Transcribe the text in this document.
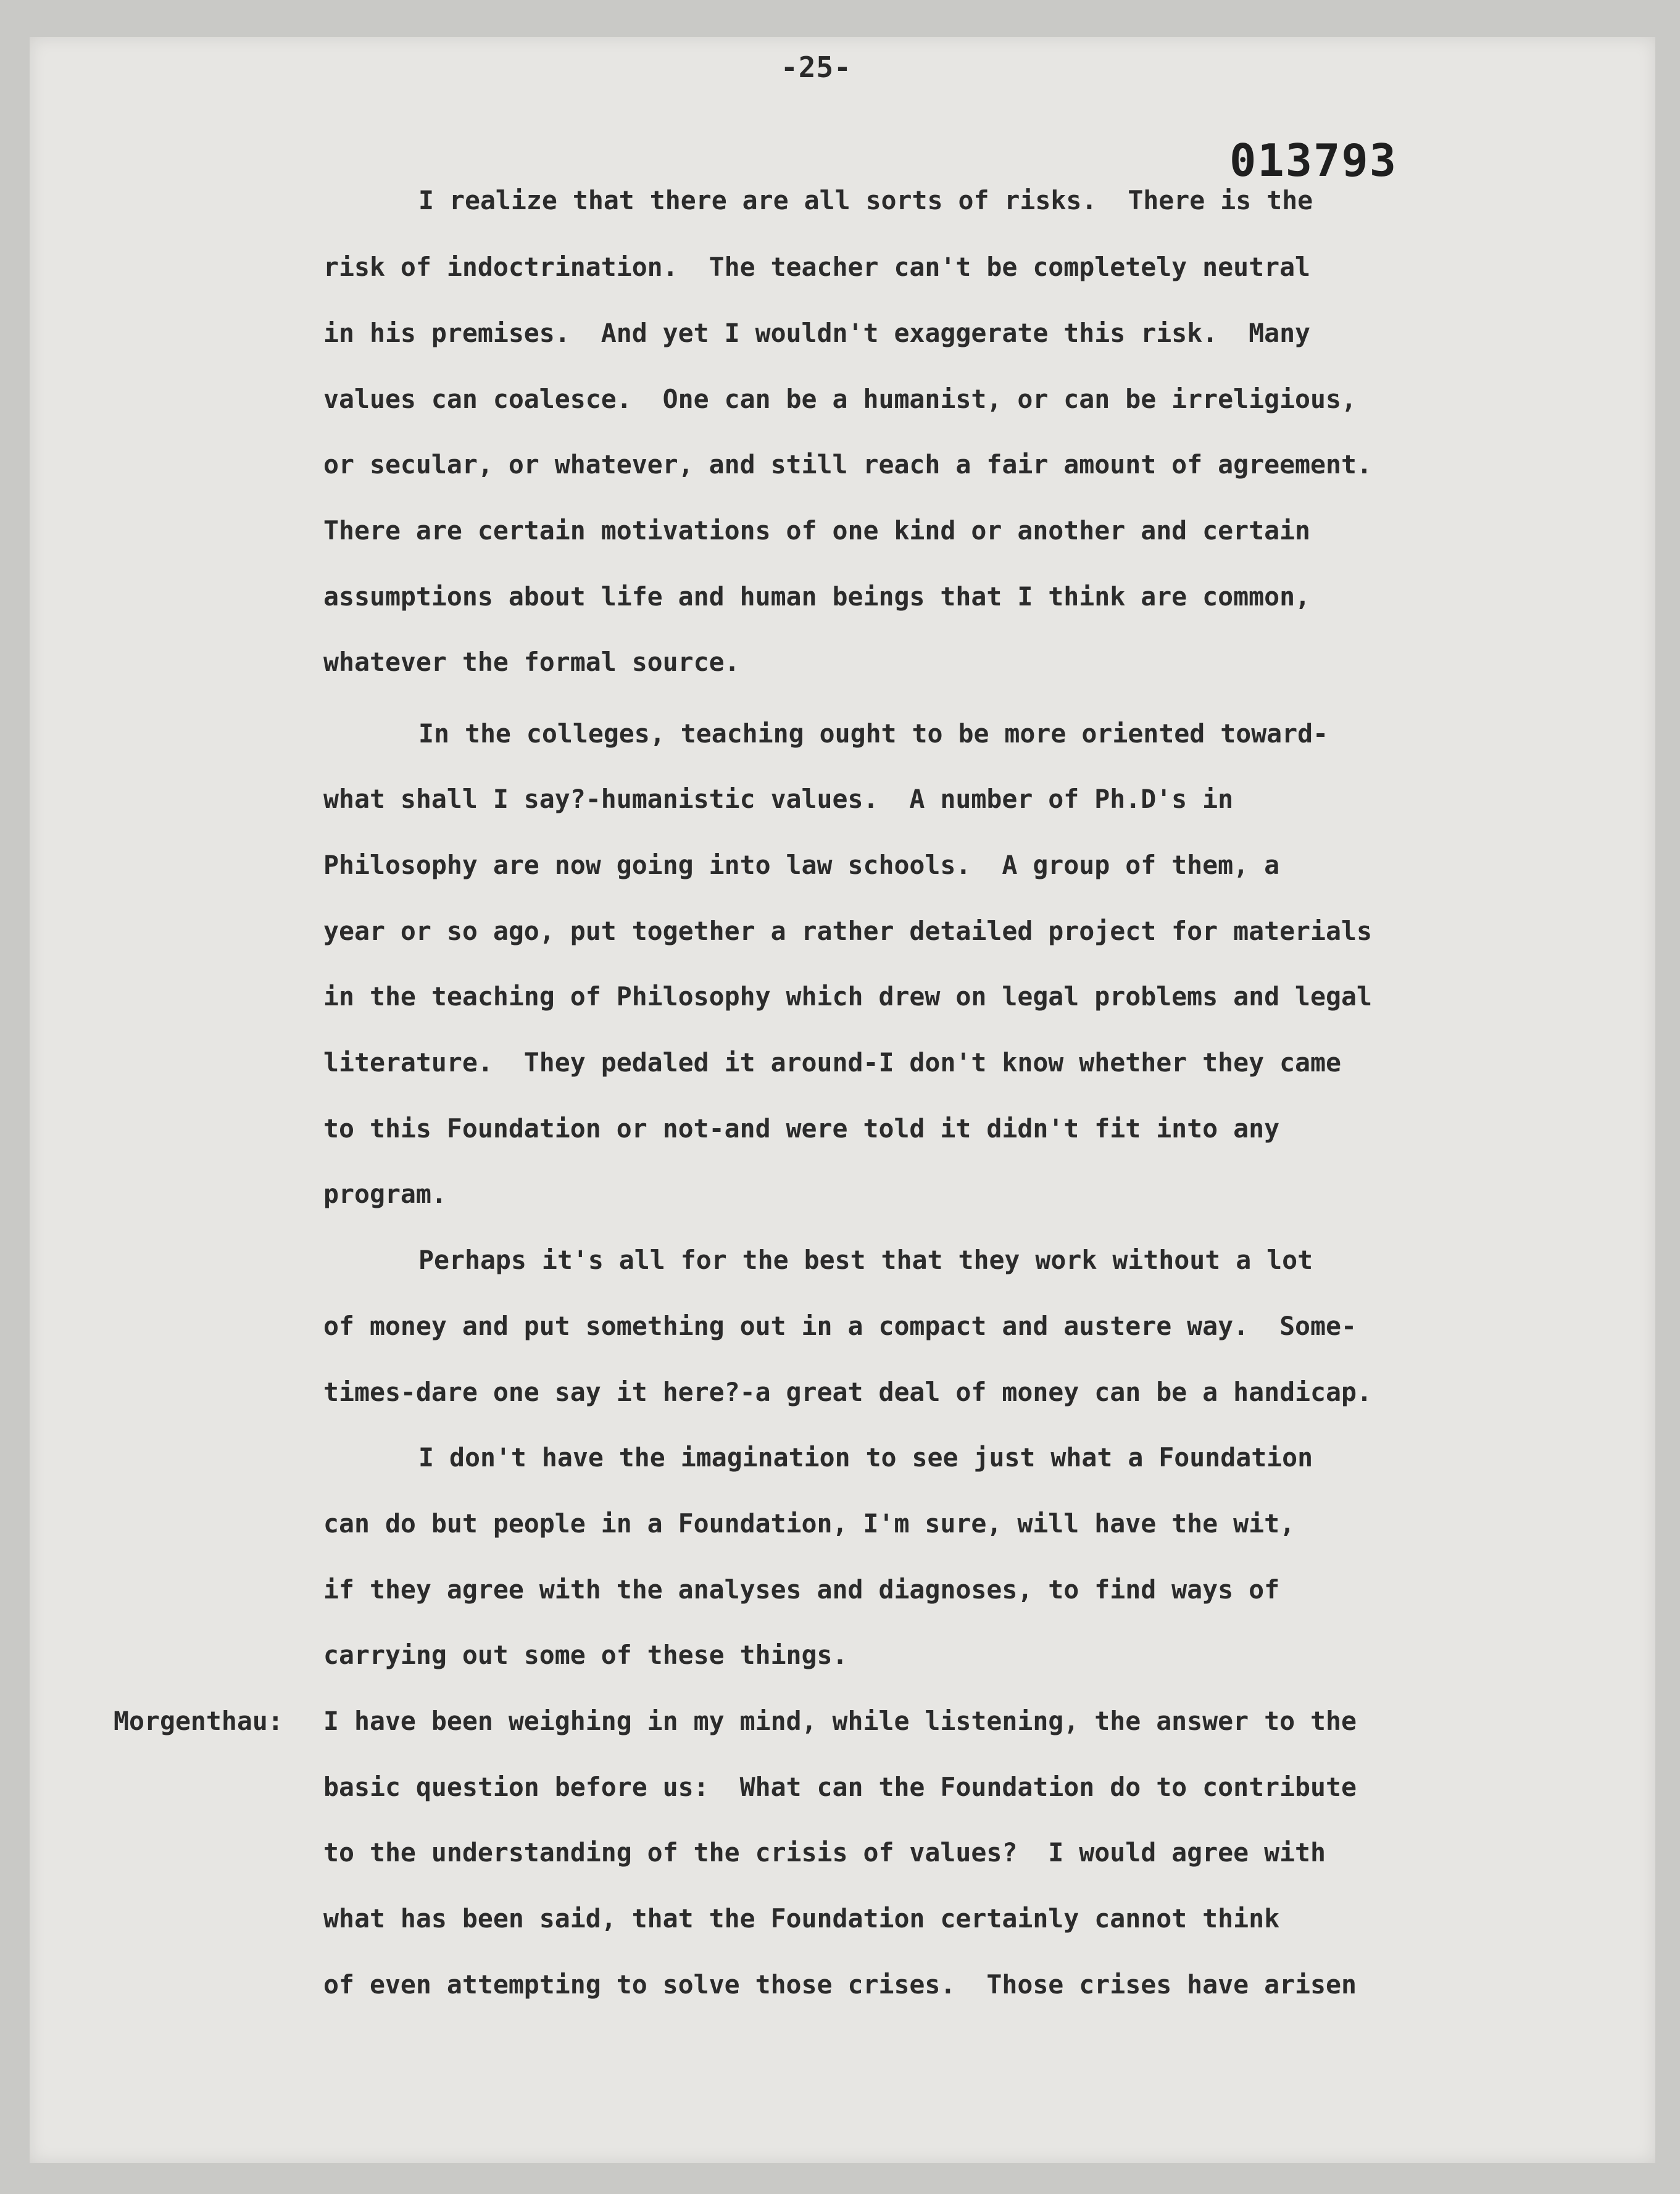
-25-
013793
I realize that there are all sorts of risks.  There is the
risk of indoctrination.  The teacher can't be completely neutral
in his premises.  And yet I wouldn't exaggerate this risk.  Many
values can coalesce.  One can be a humanist, or can be irreligious,
or secular, or whatever, and still reach a fair amount of agreement.
There are certain motivations of one kind or another and certain
assumptions about life and human beings that I think are common,
whatever the formal source.
In the colleges, teaching ought to be more oriented toward-
what shall I say?-humanistic values.  A number of Ph.D's in
Philosophy are now going into law schools.  A group of them, a
year or so ago, put together a rather detailed project for materials
in the teaching of Philosophy which drew on legal problems and legal
literature.  They pedaled it around-I don't know whether they came
to this Foundation or not-and were told it didn't fit into any
program.
Perhaps it's all for the best that they work without a lot
of money and put something out in a compact and austere way.  Some-
times-dare one say it here?-a great deal of money can be a handicap.
I don't have the imagination to see just what a Foundation
can do but people in a Foundation, I'm sure, will have the wit,
if they agree with the analyses and diagnoses, to find ways of
carrying out some of these things.
Morgenthau: I have been weighing in my mind, while listening, the answer to the
basic question before us:  What can the Foundation do to contribute
to the understanding of the crisis of values?  I would agree with
what has been said, that the Foundation certainly cannot think
of even attempting to solve those crises.  Those crises have arisen
